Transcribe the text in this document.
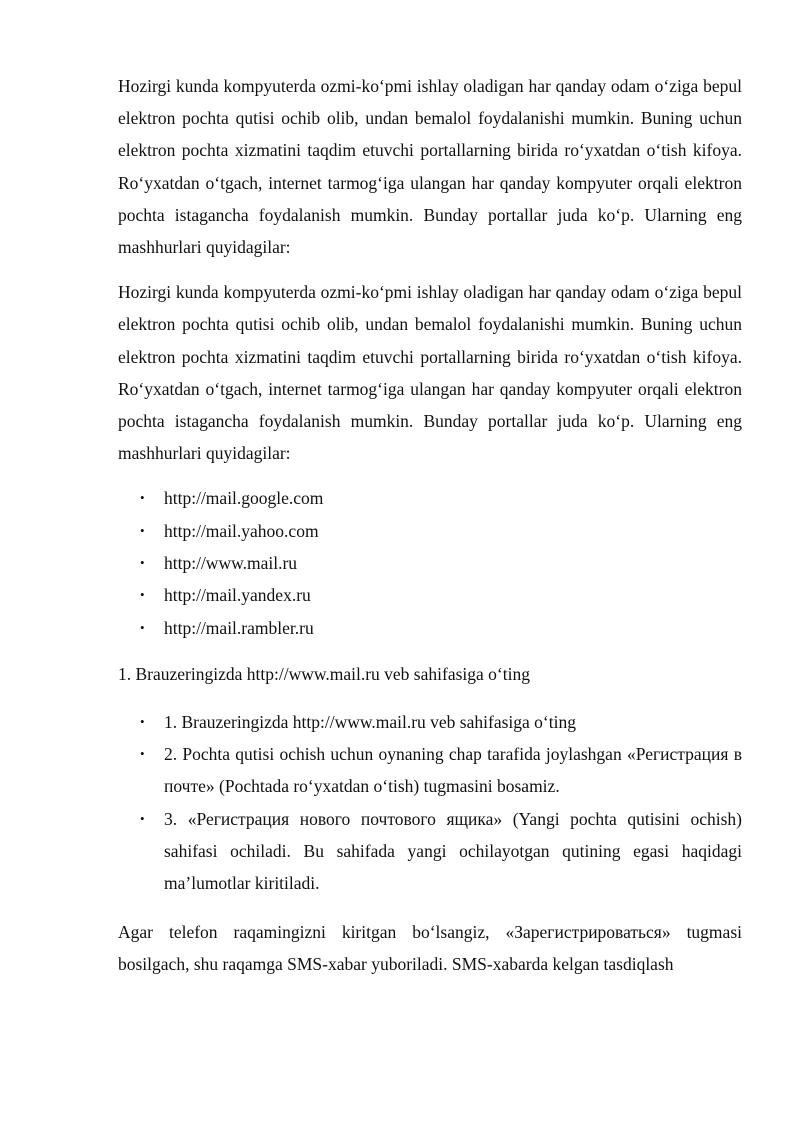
Hozirgi kunda kompyuterda ozmi-ko‘pmi ishlay oladigan har qanday odam o‘ziga bepul elektron pochta qutisi ochib olib, undan bemalol foydalanishi mumkin. Buning uchun elektron pochta xizmatini taqdim etuvchi portallarning birida ro‘yxatdan o‘tish kifoya. Ro‘yxatdan o‘tgach, internet tarmog‘iga ulangan har qanday kompyuter orqali elektron pochta istagancha foydalanish mumkin. Bunday portallar juda ko‘p. Ularning eng mashhurlari quyidagilar:

Hozirgi kunda kompyuterda ozmi-ko‘pmi ishlay oladigan har qanday odam o‘ziga bepul elektron pochta qutisi ochib olib, undan bemalol foydalanishi mumkin. Buning uchun elektron pochta xizmatini taqdim etuvchi portallarning birida ro‘yxatdan o‘tish kifoya. Ro‘yxatdan o‘tgach, internet tarmog‘iga ulangan har qanday kompyuter orqali elektron pochta istagancha foydalanish mumkin. Bunday portallar juda ko‘p. Ularning eng mashhurlari quyidagilar:

• http://mail.google.com
• http://mail.yahoo.com
• http://www.mail.ru
• http://mail.yandex.ru
• http://mail.rambler.ru

1. Brauzeringizda http://www.mail.ru veb sahifasiga o‘ting

• 1. Brauzeringizda http://www.mail.ru veb sahifasiga o‘ting
• 2. Pochta qutisi ochish uchun oynaning chap tarafida joylashgan «Регистрация в почте» (Pochtada ro‘yxatdan o‘tish) tugmasini bosamiz.
• 3. «Регистрация нового почтового ящика» (Yangi pochta qutisini ochish) sahifasi ochiladi. Bu sahifada yangi ochilayotgan qutining egasi haqidagi ma’lumotlar kiritiladi.

Agar telefon raqamingizni kiritgan bo‘lsangiz, «Зарегистрироваться» tugmasi bosilgach, shu raqamga SMS-xabar yuboriladi. SMS-xabarda kelgan tasdiqlash
